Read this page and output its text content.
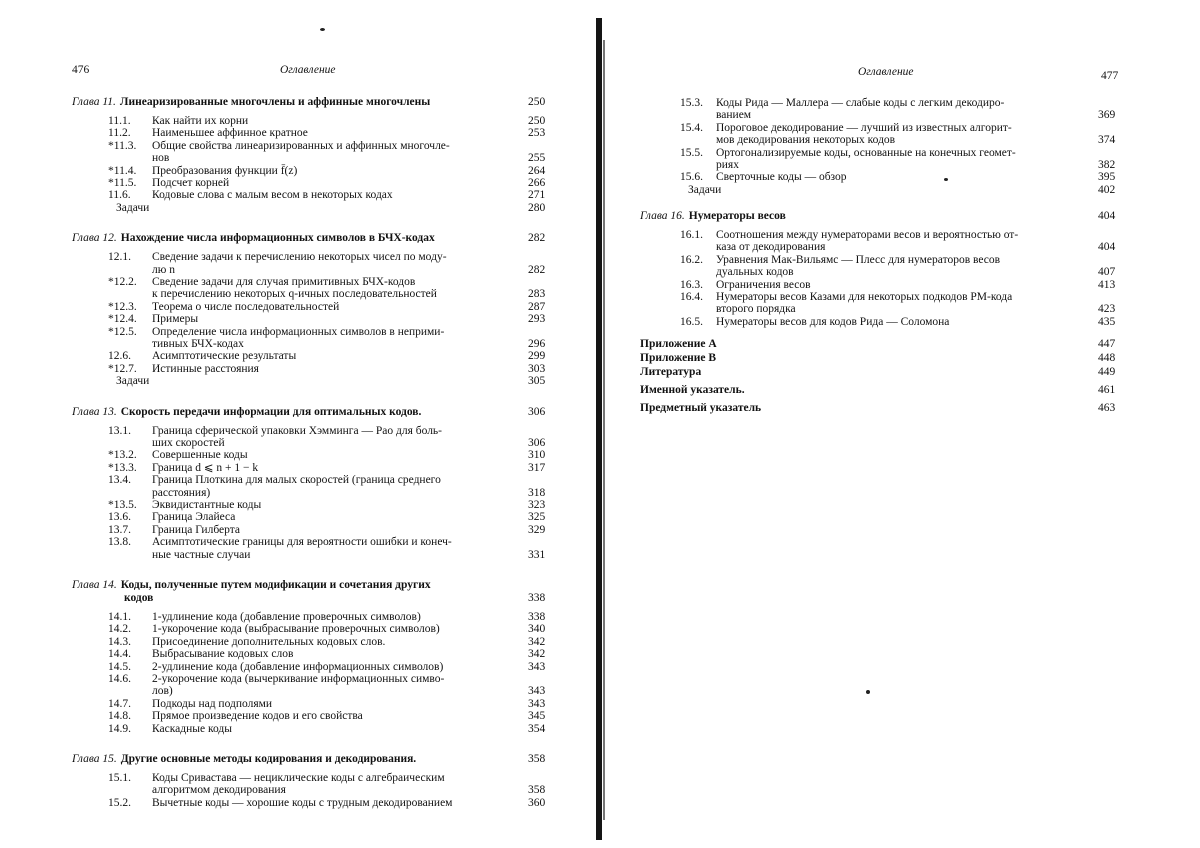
476	Оглавление
Глава 11. Линеаризированные многочлены и аффинные многочлены	250
11.1. Как найти их корни	250
11.2. Наименьшее аффинное кратное	253
*11.3. Общие свойства линеаризированных и аффинных многочле-
нов	255
*11.4. Преобразования функции f̄(z)	264
*11.5. Подсчет корней	266
11.6. Кодовые слова с малым весом в некоторых кодах	271
Задачи	280
Глава 12. Нахождение числа информационных символов в БЧХ-кодах	282
12.1. Сведение задачи к перечислению некоторых чисел по моду-
лю n	282
*12.2. Сведение задачи для случая примитивных БЧХ-кодов
к перечислению некоторых q-ичных последовательностей	283
*12.3. Теорема о числе последовательностей	287
*12.4. Примеры	293
*12.5. Определение числа информационных символов в неприми-
тивных БЧХ-кодах	296
12.6. Асимптотические результаты	299
*12.7. Истинные расстояния	303
Задачи	305
Глава 13. Скорость передачи информации для оптимальных кодов.	306
13.1. Граница сферической упаковки Хэмминга — Рао для боль-
ших скоростей	306
*13.2. Совершенные коды	310
*13.3. Граница d ⩽ n + 1 − k	317
13.4. Граница Плоткина для малых скоростей (граница среднего
расстояния)	318
*13.5. Эквидистантные коды	323
13.6. Граница Элайеса	325
13.7. Граница Гилберта	329
13.8. Асимптотические границы для вероятности ошибки и конеч-
ные частные случаи	331
Глава 14. Коды, полученные путем модификации и сочетания других
кодов	338
14.1. 1-удлинение кода (добавление проверочных символов)	338
14.2. 1-укорочение кода (выбрасывание проверочных символов)	340
14.3. Присоединение дополнительных кодовых слов.	342
14.4. Выбрасывание кодовых слов	342
14.5. 2-удлинение кода (добавление информационных символов)	343
14.6. 2-укорочение кода (вычеркивание информационных симво-
лов)	343
14.7. Подкоды над подполями	343
14.8. Прямое произведение кодов и его свойства	345
14.9. Каскадные коды	354
Глава 15. Другие основные методы кодирования и декодирования.	358
15.1. Коды Сривастава — нециклические коды с алгебраическим
алгоритмом декодирования	358
15.2. Вычетные коды — хорошие коды с трудным декодированием	360
Оглавление	477
15.3. Коды Рида — Маллера — слабые коды с легким декодиро-
ванием	369
15.4. Пороговое декодирование — лучший из известных алгорит-
мов декодирования некоторых кодов	374
15.5. Ортогонализируемые коды, основанные на конечных геомет-
риях	382
15.6. Сверточные коды — обзор	395
Задачи	402
Глава 16. Нумераторы весов	404
16.1. Соотношения между нумераторами весов и вероятностью от-
каза от декодирования	404
16.2. Уравнения Мак-Вильямс — Плесс для нумераторов весов
дуальных кодов	407
16.3. Ограничения весов	413
16.4. Нумераторы весов Казами для некоторых подкодов РМ-кода
второго порядка	423
16.5. Нумераторы весов для кодов Рида — Соломона	435
Приложение А	447
Приложение В	448
Литература	449
Именной указатель.	461
Предметный указатель	463
